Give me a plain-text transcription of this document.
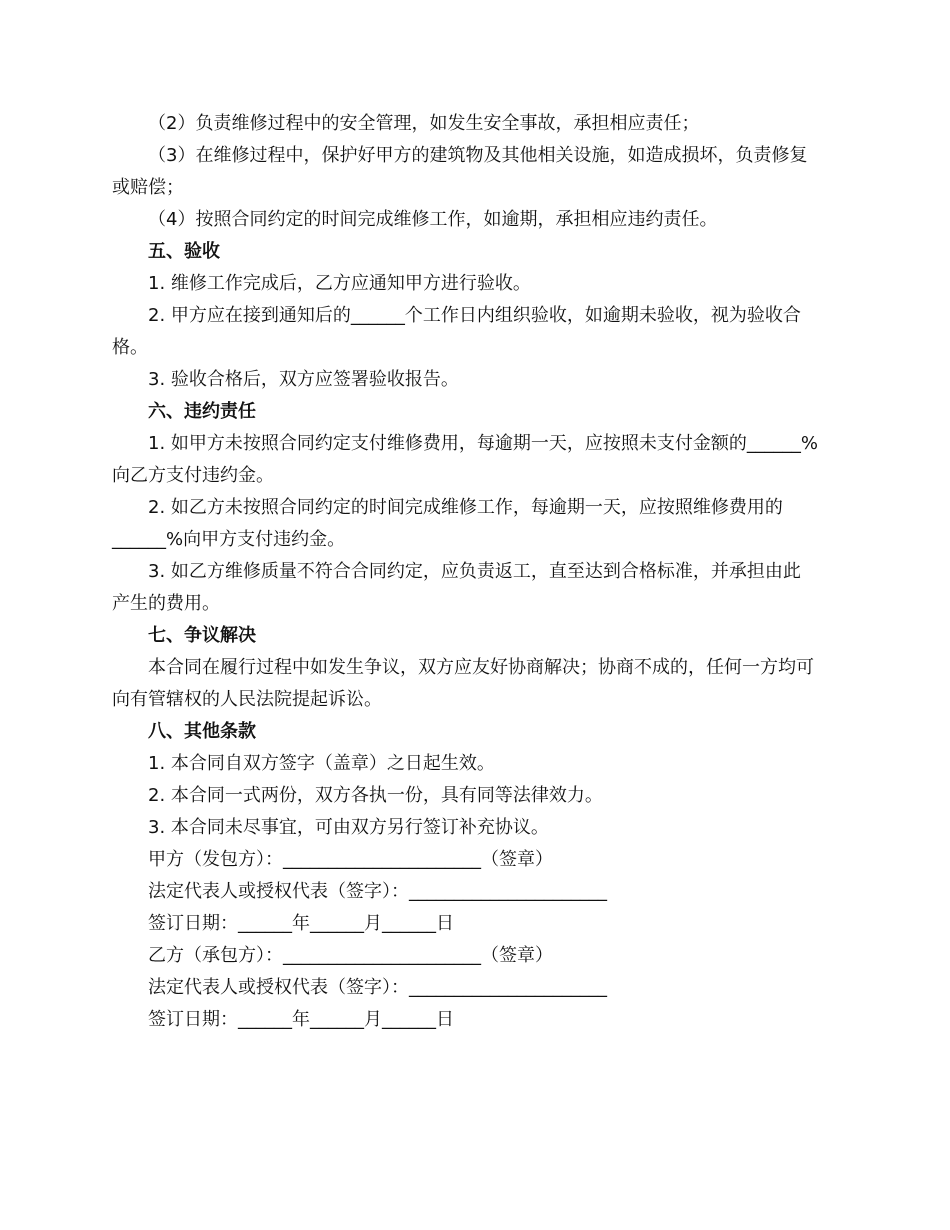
（2）负责维修过程中的安全管理，如发生安全事故，承担相应责任；

（3）在维修过程中，保护好甲方的建筑物及其他相关设施，如造成损坏，负责修复

或赔偿；

（4）按照合同约定的时间完成维修工作，如逾期，承担相应违约责任。

五、验收

1. 维修工作完成后，乙方应通知甲方进行验收。

2. 甲方应在接到通知后的______个工作日内组织验收，如逾期未验收，视为验收合

格。

3. 验收合格后，双方应签署验收报告。

六、违约责任

1. 如甲方未按照合同约定支付维修费用，每逾期一天，应按照未支付金额的______%

向乙方支付违约金。

2. 如乙方未按照合同约定的时间完成维修工作，每逾期一天，应按照维修费用的

______%向甲方支付违约金。

3. 如乙方维修质量不符合合同约定，应负责返工，直至达到合格标准，并承担由此

产生的费用。

七、争议解决

本合同在履行过程中如发生争议，双方应友好协商解决；协商不成的，任何一方均可

向有管辖权的人民法院提起诉讼。

八、其他条款

1. 本合同自双方签字（盖章）之日起生效。

2. 本合同一式两份，双方各执一份，具有同等法律效力。

3. 本合同未尽事宜，可由双方另行签订补充协议。

甲方（发包方）：______________________（签章）

法定代表人或授权代表（签字）：______________________

签订日期：______年______月______日

乙方（承包方）：______________________（签章）

法定代表人或授权代表（签字）：______________________

签订日期：______年______月______日
